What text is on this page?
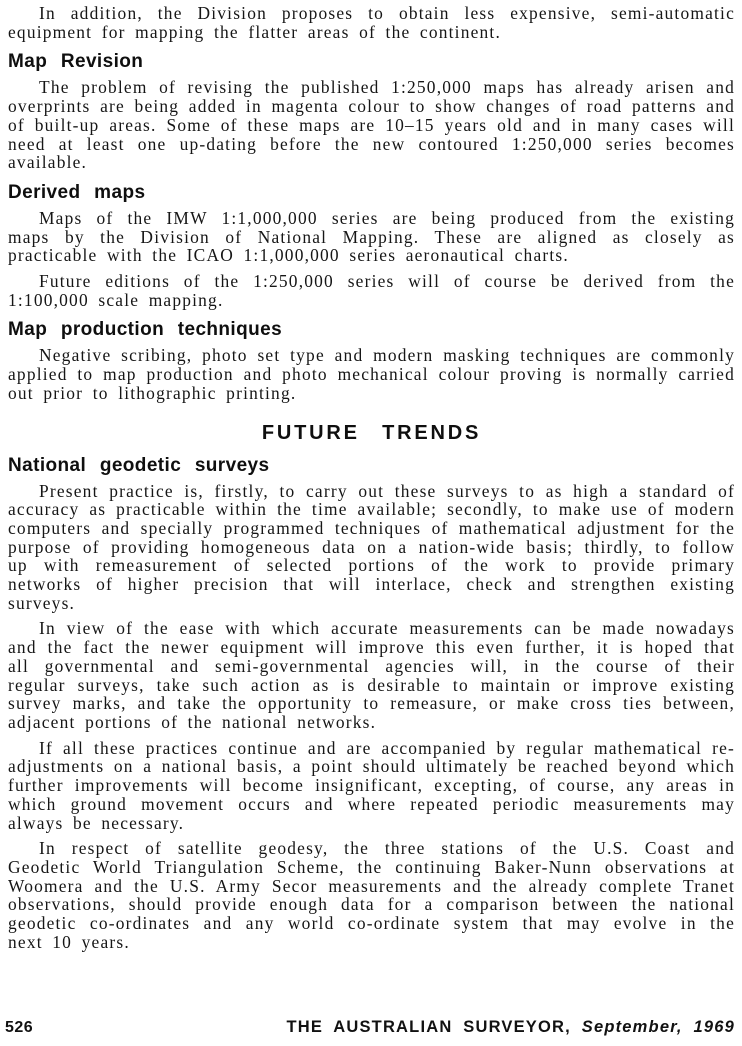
In addition, the Division proposes to obtain less expensive, semi-automatic equipment for mapping the flatter areas of the continent.

Map Revision

The problem of revising the published 1:250,000 maps has already arisen and overprints are being added in magenta colour to show changes of road patterns and of built-up areas. Some of these maps are 10–15 years old and in many cases will need at least one up-dating before the new contoured 1:250,000 series becomes available.

Derived maps

Maps of the IMW 1:1,000,000 series are being produced from the existing maps by the Division of National Mapping. These are aligned as closely as practicable with the ICAO 1:1,000,000 series aeronautical charts.

Future editions of the 1:250,000 series will of course be derived from the 1:100,000 scale mapping.

Map production techniques

Negative scribing, photo set type and modern masking techniques are commonly applied to map production and photo mechanical colour proving is normally carried out prior to lithographic printing.

FUTURE TRENDS
National geodetic surveys

Present practice is, firstly, to carry out these surveys to as high a standard of accuracy as practicable within the time available; secondly, to make use of modern computers and specially programmed techniques of mathematical adjustment for the purpose of providing homogeneous data on a nation-wide basis; thirdly, to follow up with remeasurement of selected portions of the work to provide primary networks of higher precision that will interlace, check and strengthen existing surveys.

In view of the ease with which accurate measurements can be made nowadays and the fact the newer equipment will improve this even further, it is hoped that all governmental and semi-governmental agencies will, in the course of their regular surveys, take such action as is desirable to maintain or improve existing survey marks, and take the opportunity to remeasure, or make cross ties between, adjacent portions of the national networks.

If all these practices continue and are accompanied by regular mathematical re-adjustments on a national basis, a point should ultimately be reached beyond which further improvements will become insignificant, excepting, of course, any areas in which ground movement occurs and where repeated periodic measurements may always be necessary.

In respect of satellite geodesy, the three stations of the U.S. Coast and Geodetic World Triangulation Scheme, the continuing Baker-Nunn observations at Woomera and the U.S. Army Secor measurements and the already complete Tranet observations, should provide enough data for a comparison between the national geodetic co-ordinates and any world co-ordinate system that may evolve in the next 10 years.

526	THE AUSTRALIAN SURVEYOR, September, 1969
